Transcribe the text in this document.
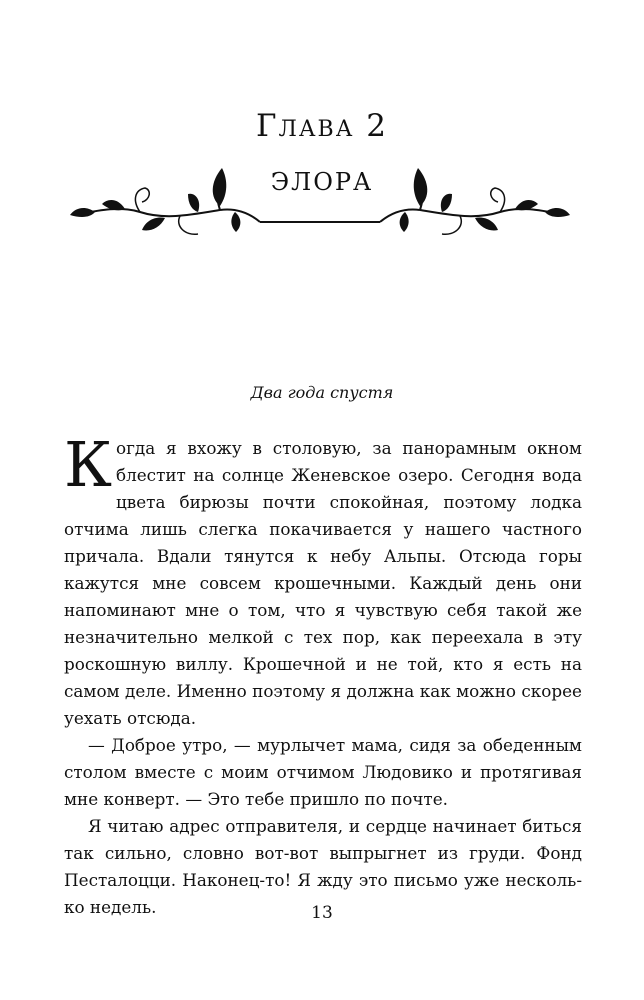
Глава 2
ЭЛОРА
Два года спустя

Когда я вхожу в столовую, за панорамным окном блестит на солнце Женевское озеро. Сегодня вода цвета бирюзы почти спокойная, поэтому лодка отчима лишь слегка покачивается у нашего частного причала. Вдали тянутся к небу Альпы. Отсюда горы кажутся мне совсем крошечными. Каждый день они напоминают мне о том, что я чувствую себя такой же незначительно мелкой с тех пор, как переехала в эту роскошную виллу. Крошечной и не той, кто я есть на самом деле. Именно поэтому я должна как можно скорее уехать отсюда.

— Доброе утро, — мурлычет мама, сидя за обеденным столом вместе с моим отчимом Людовико и протягивая мне конверт. — Это тебе пришло по почте.

Я читаю адрес отправителя, и сердце начинает биться так сильно, словно вот-вот выпрыгнет из груди. Фонд Песталоцци. Наконец-то! Я жду это письмо уже несколько недель.	13
